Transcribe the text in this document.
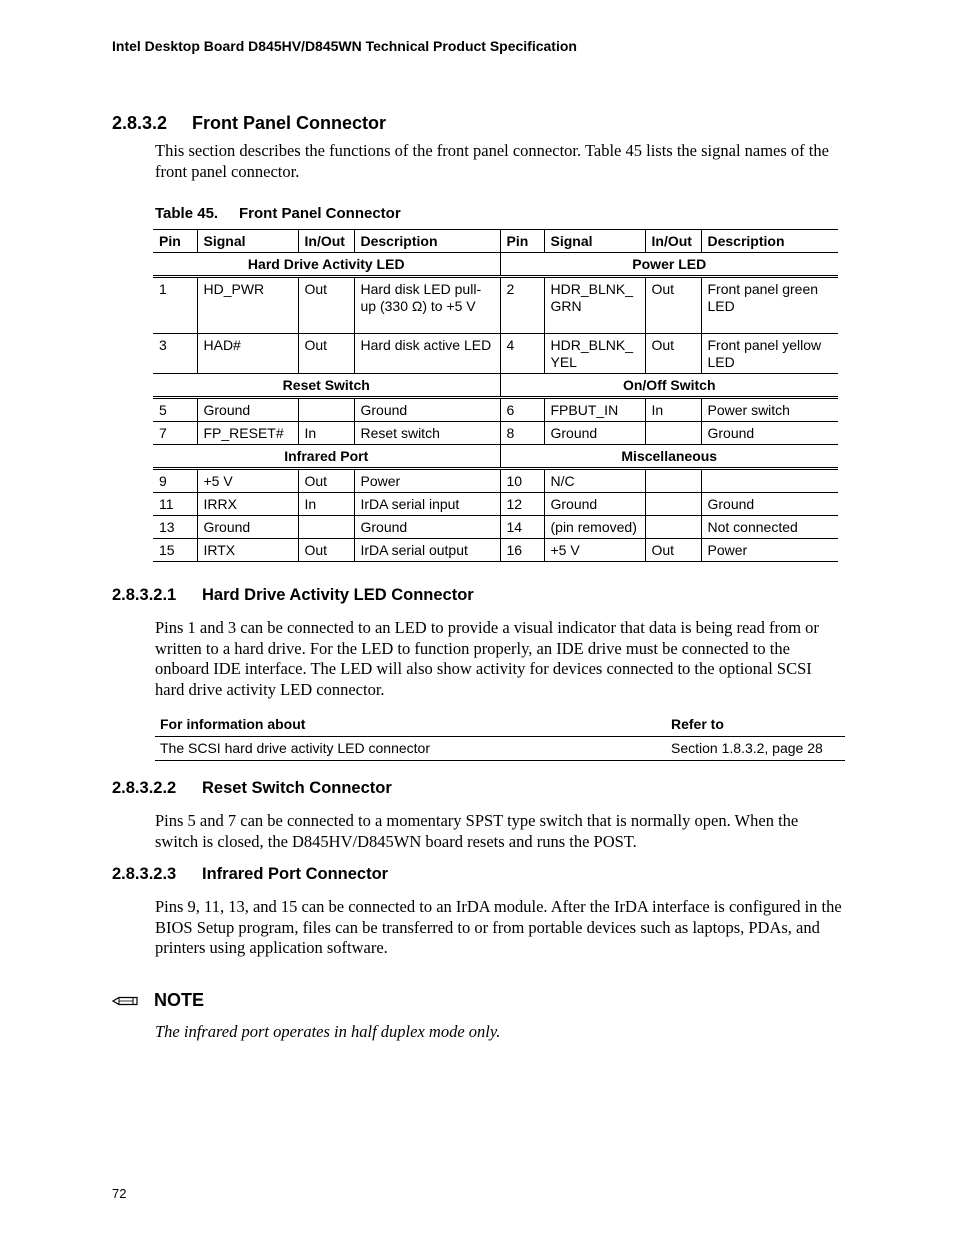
Intel Desktop Board D845HV/D845WN Technical Product Specification
2.8.3.2 Front Panel Connector

This section describes the functions of the front panel connector. Table 45 lists the signal names of the front panel connector.

Table 45. Front Panel Connector
Pin	Signal	In/Out	Description	Pin	Signal	In/Out	Description
Hard Drive Activity LED				Power LED			
1	HD_PWR	Out	Hard disk LED pull-up (330 Ω) to +5 V	2	HDR_BLNK_ GRN	Out	Front panel green LED
3	HAD#	Out	Hard disk active LED	4	HDR_BLNK_ YEL	Out	Front panel yellow LED
Reset Switch				On/Off Switch			
5	Ground		Ground	6	FPBUT_IN	In	Power switch
7	FP_RESET#	In	Reset switch	8	Ground		Ground
Infrared Port				Miscellaneous			
9	+5 V	Out	Power	10	N/C		
11	IRRX	In	IrDA serial input	12	Ground		Ground
13	Ground		Ground	14	(pin removed)		Not connected
15	IRTX	Out	IrDA serial output	16	+5 V	Out	Power
2.8.3.2.1 Hard Drive Activity LED Connector

Pins 1 and 3 can be connected to an LED to provide a visual indicator that data is being read from or written to a hard drive. For the LED to function properly, an IDE drive must be connected to the onboard IDE interface. The LED will also show activity for devices connected to the optional SCSI hard drive activity LED connector.

For information about	Refer to
The SCSI hard drive activity LED connector	Section 1.8.3.2, page 28
2.8.3.2.2 Reset Switch Connector

Pins 5 and 7 can be connected to a momentary SPST type switch that is normally open. When the switch is closed, the D845HV/D845WN board resets and runs the POST.

2.8.3.2.3 Infrared Port Connector

Pins 9, 11, 13, and 15 can be connected to an IrDA module. After the IrDA interface is configured in the BIOS Setup program, files can be transferred to or from portable devices such as laptops, PDAs, and printers using application software.

NOTE
The infrared port operates in half duplex mode only.
72
